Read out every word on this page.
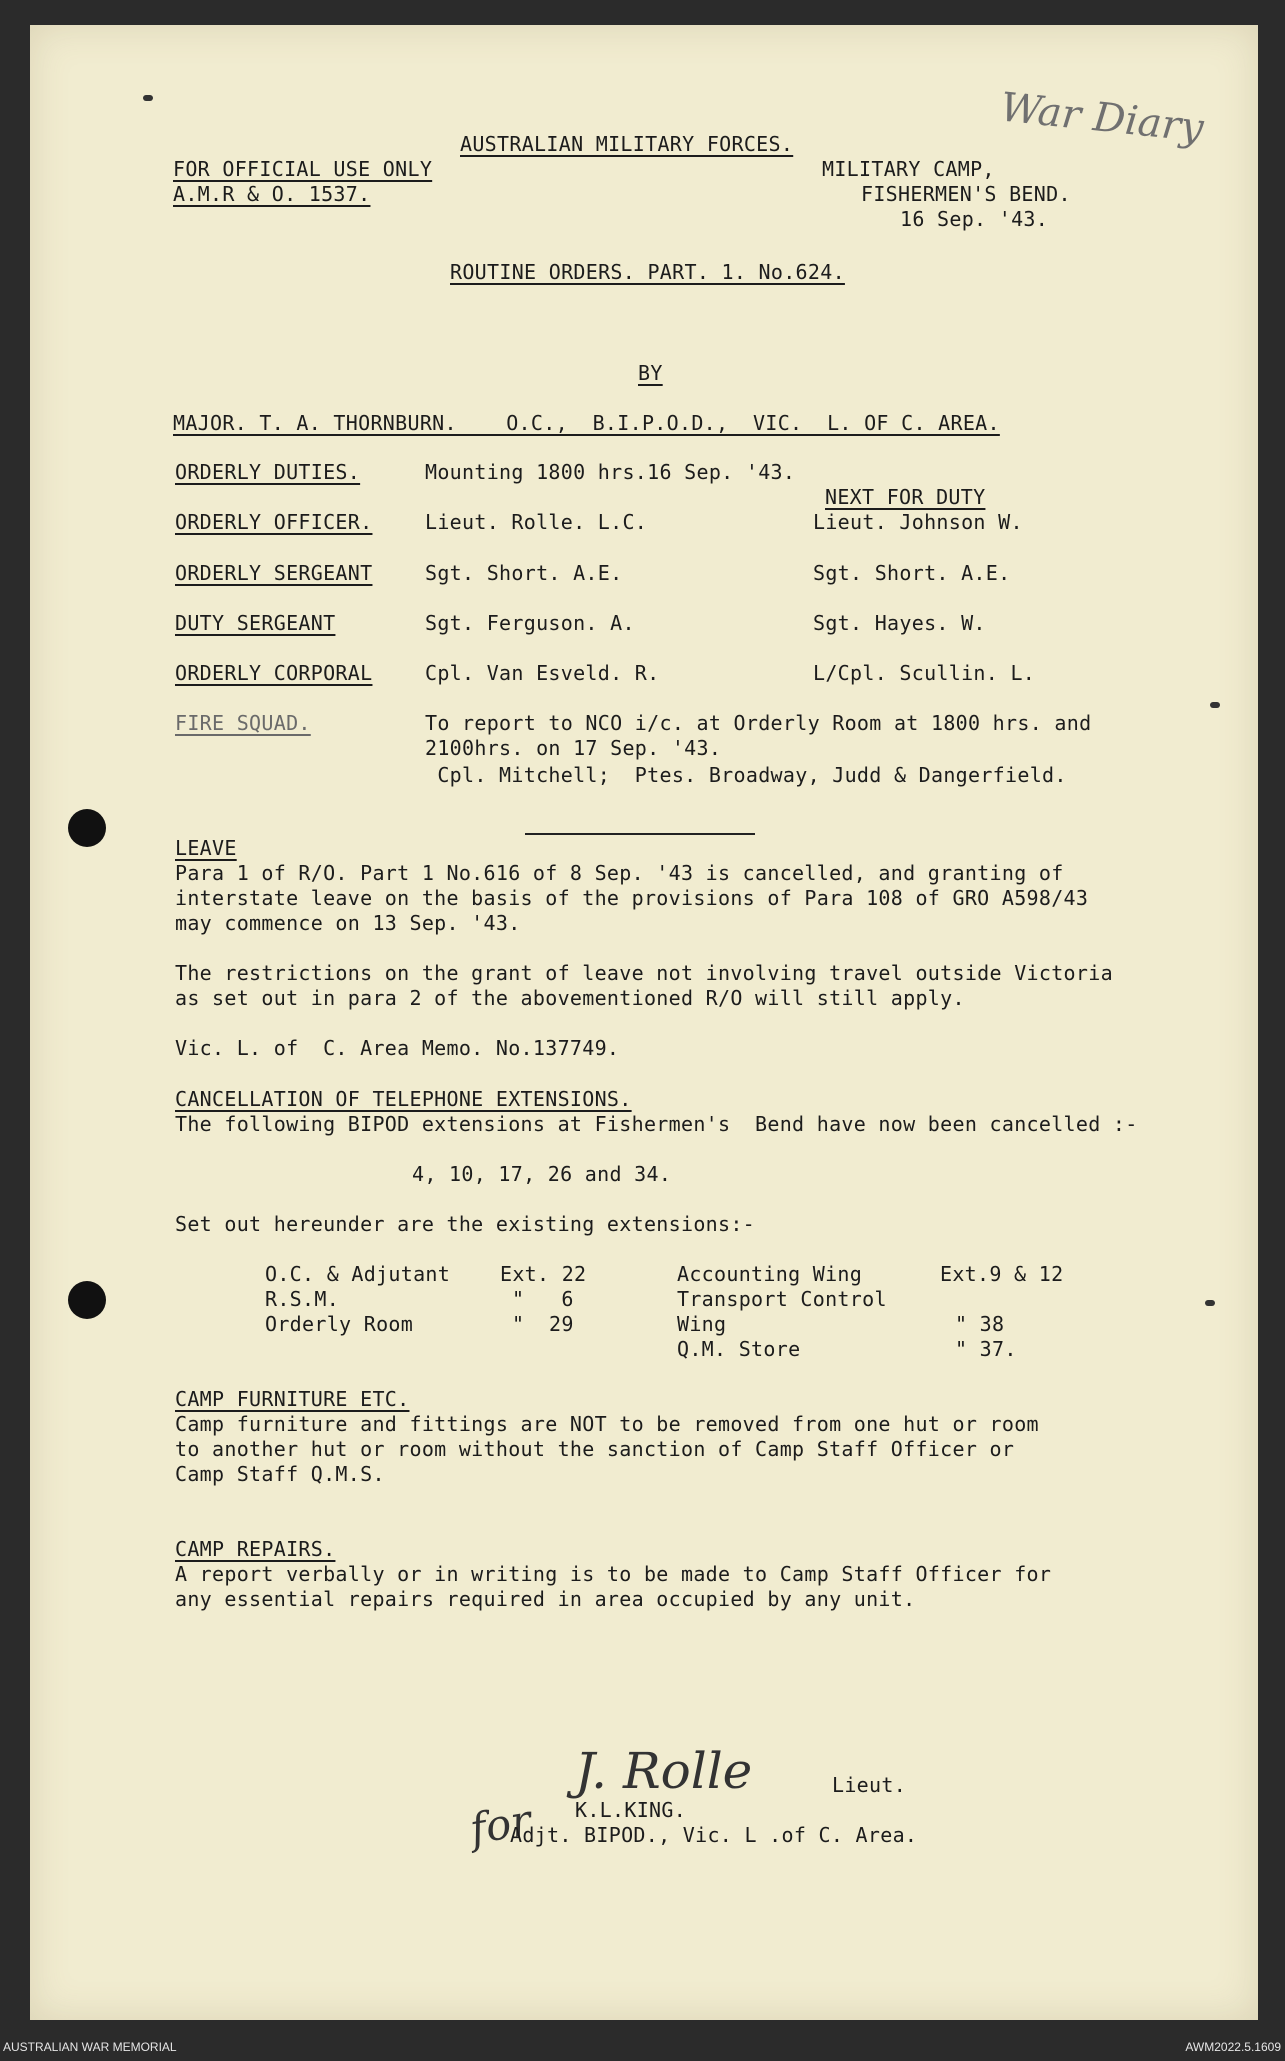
War Diary
AUSTRALIAN MILITARY FORCES.
FOR OFFICIAL USE ONLY
A.M.R & O. 1537.
MILITARY CAMP,
FISHERMEN'S BEND.
16 Sep. '43.
ROUTINE ORDERS. PART. 1. No.624.
BY
MAJOR. T. A. THORNBURN.    O.C.,  B.I.P.O.D.,  VIC.  L. OF C. AREA.
ORDERLY DUTIES.	Mounting 1800 hrs.16 Sep. '43.
NEXT FOR DUTY
ORDERLY OFFICER.	Lieut. Rolle. L.C.	Lieut. Johnson W.
ORDERLY SERGEANT	Sgt. Short. A.E.	Sgt. Short. A.E.
DUTY SERGEANT	Sgt. Ferguson. A.	Sgt. Hayes. W.
ORDERLY CORPORAL	Cpl. Van Esveld. R.	L/Cpl. Scullin. L.
FIRE SQUAD.	To report to NCO i/c. at Orderly Room at 1800 hrs. and
2100hrs. on 17 Sep. '43.
Cpl. Mitchell;  Ptes. Broadway, Judd & Dangerfield.
LEAVE
Para 1 of R/O. Part 1 No.616 of 8 Sep. '43 is cancelled, and granting of
interstate leave on the basis of the provisions of Para 108 of GRO A598/43
may commence on 13 Sep. '43.
The restrictions on the grant of leave not involving travel outside Victoria
as set out in para 2 of the abovementioned R/O will still apply.
Vic. L. of  C. Area Memo. No.137749.
CANCELLATION OF TELEPHONE EXTENSIONS.
The following BIPOD extensions at Fishermen's  Bend have now been cancelled :-
4, 10, 17, 26 and 34.
Set out hereunder are the existing extensions:-
O.C. & Adjutant Ext. 22
R.S.M.	"   6
Orderly Room	"  29
Accounting Wing	Ext.9 & 12
Transport Control
Wing	" 38
Q.M. Store	" 37.
CAMP FURNITURE ETC.
Camp furniture and fittings are NOT to be removed from one hut or room
to another hut or room without the sanction of Camp Staff Officer or
Camp Staff Q.M.S.
CAMP REPAIRS.
A report verbally or in writing is to be made to Camp Staff Officer for
any essential repairs required in area occupied by any unit.
J. Rolle
for
Lieut.
K.L.KING.
Adjt. BIPOD., Vic. L .of C. Area.
AUSTRALIAN WAR MEMORIAL	AWM2022.5.1609
